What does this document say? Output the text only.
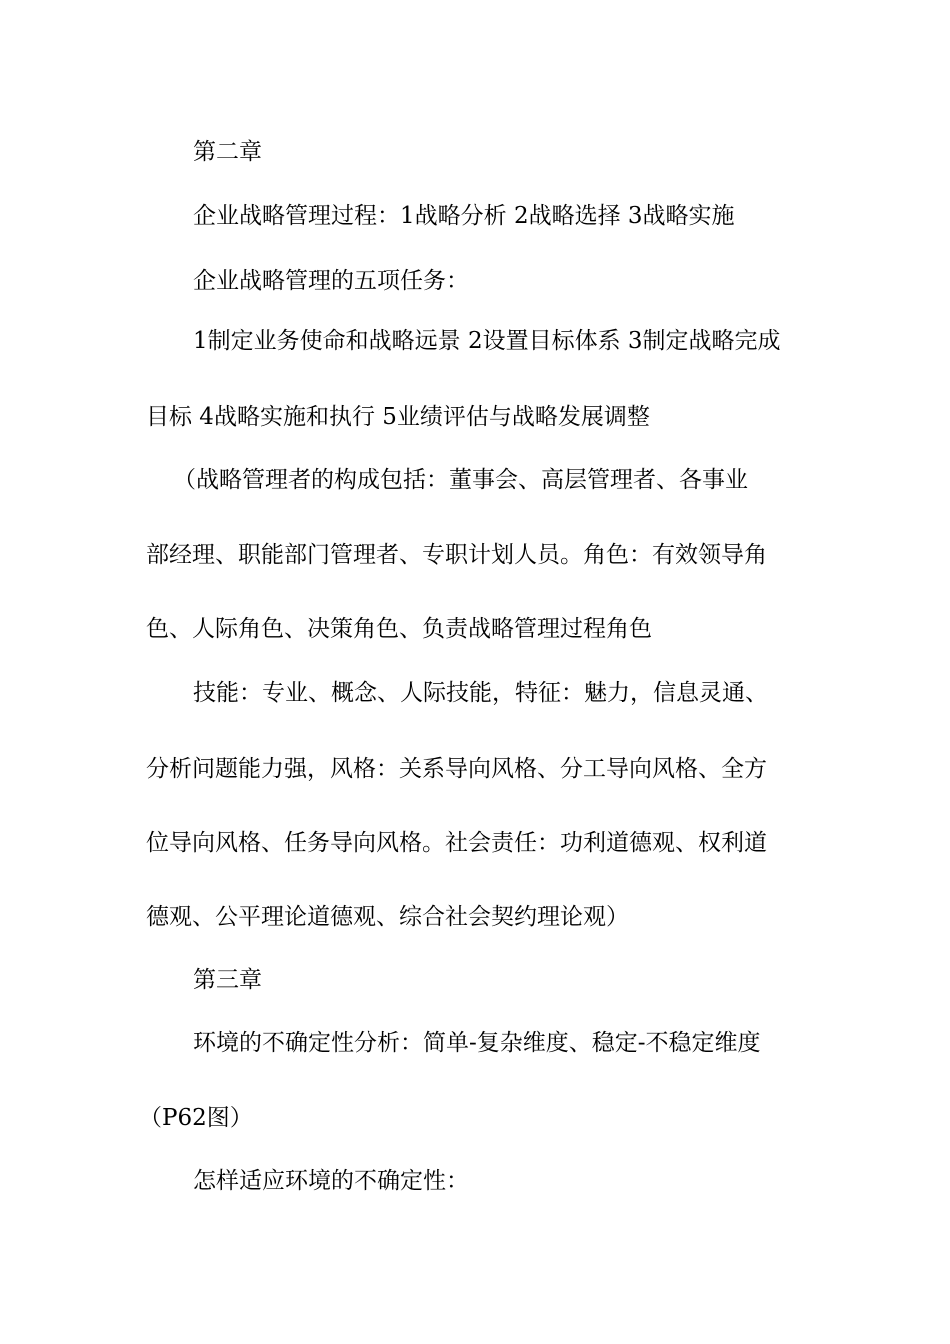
第二章
企业战略管理过程：1战略分析 2战略选择 3战略实施
企业战略管理的五项任务：
1制定业务使命和战略远景 2设置目标体系 3制定战略完成
目标 4战略实施和执行 5业绩评估与战略发展调整
（战略管理者的构成包括：董事会、高层管理者、各事业
部经理、职能部门管理者、专职计划人员。角色：有效领导角
色、人际角色、决策角色、负责战略管理过程角色
技能：专业、概念、人际技能，特征：魅力，信息灵通、
分析问题能力强，风格：关系导向风格、分工导向风格、全方
位导向风格、任务导向风格。社会责任：功利道德观、权利道
德观、公平理论道德观、综合社会契约理论观）
第三章
环境的不确定性分析：简单-复杂维度、稳定-不稳定维度
（P62图）
怎样适应环境的不确定性：
